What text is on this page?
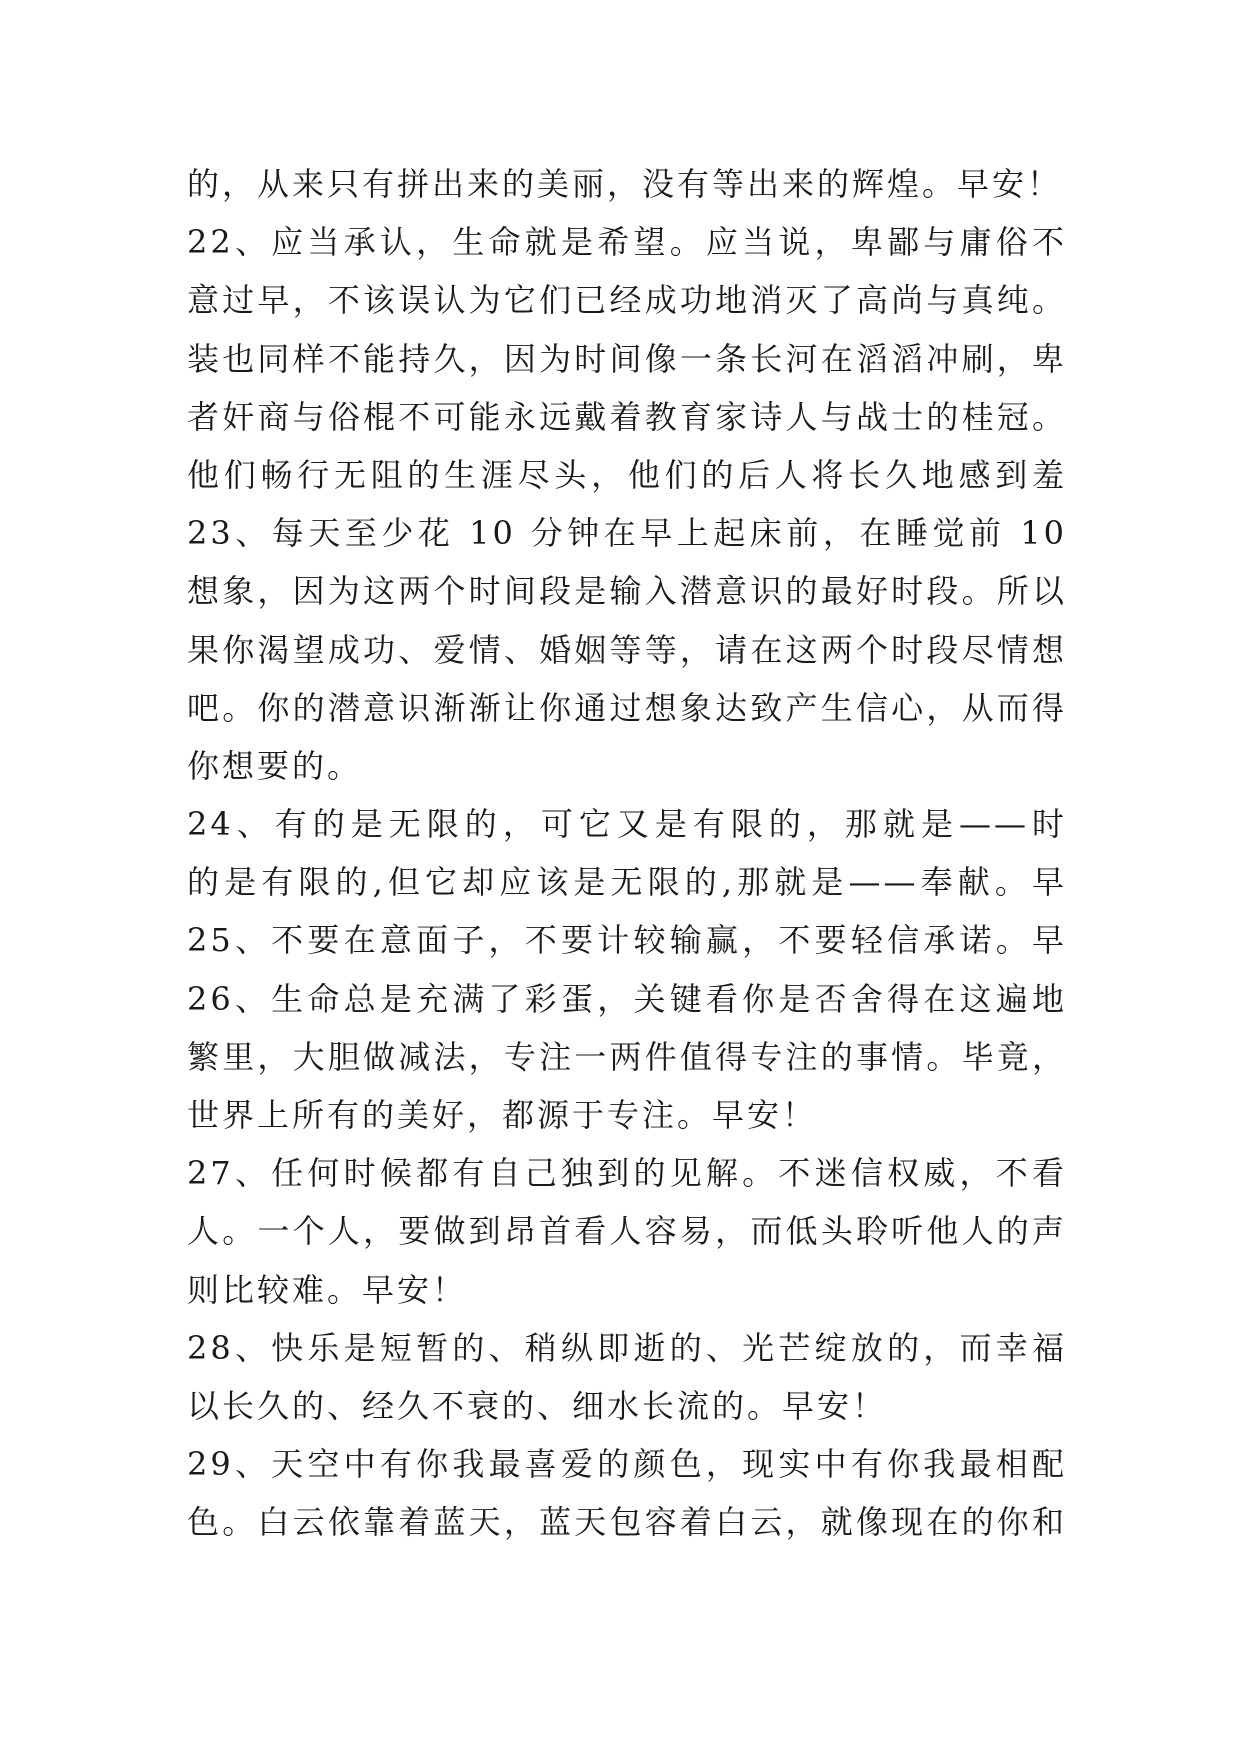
的，从来只有拼出来的美丽，没有等出来的辉煌。早安！
22、应当承认，生命就是希望。应当说，卑鄙与庸俗不
意过早，不该误认为它们已经成功地消灭了高尚与真纯。
装也同样不能持久，因为时间像一条长河在滔滔冲刷，卑
者奸商与俗棍不可能永远戴着教育家诗人与战士的桂冠。
他们畅行无阻的生涯尽头，他们的后人将长久地感到羞
23、每天至少花 10 分钟在早上起床前，在睡觉前 10
想象，因为这两个时间段是输入潜意识的最好时段。所以
果你渴望成功、爱情、婚姻等等，请在这两个时段尽情想
吧。你的潜意识渐渐让你通过想象达致产生信心，从而得
你想要的。
24、有的是无限的，可它又是有限的，那就是——时
的是有限的,但它却应该是无限的,那就是——奉献。早
25、不要在意面子，不要计较输赢，不要轻信承诺。早
26、生命总是充满了彩蛋，关键看你是否舍得在这遍地
繁里，大胆做减法，专注一两件值得专注的事情。毕竟，
世界上所有的美好，都源于专注。早安！
27、任何时候都有自己独到的见解。不迷信权威，不看
人。一个人，要做到昂首看人容易，而低头聆听他人的声
则比较难。早安！
28、快乐是短暂的、稍纵即逝的、光芒绽放的，而幸福
以长久的、经久不衰的、细水长流的。早安！
29、天空中有你我最喜爱的颜色，现实中有你我最相配
色。白云依靠着蓝天，蓝天包容着白云，就像现在的你和
